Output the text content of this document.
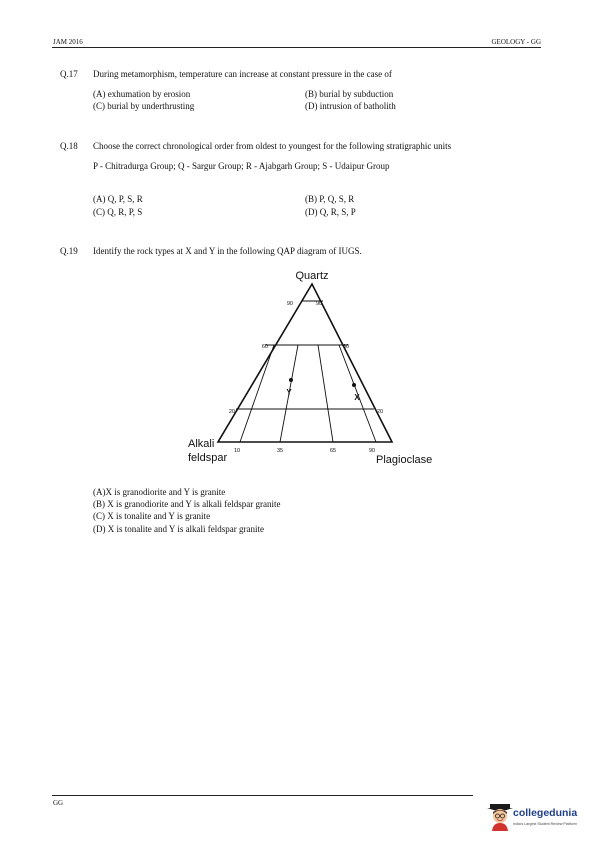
JAM 2016	GEOLOGY - GG
Q.17 During metamorphism, temperature can increase at constant pressure in the case of
(A) exhumation by erosion	(B) burial by subduction
(C) burial by underthrusting	(D) intrusion of batholith
Q.18 Choose the correct chronological order from oldest to youngest for the following stratigraphic units
P - Chitradurga Group; Q - Sargur Group; R - Ajabgarh Group; S - Udaipur Group
(A) Q, P, S, R	(B) P, Q, S, R
(C) Q, R, P, S	(D) Q, R, S, P
Q.19 Identify the rock types at X and Y in the following QAP diagram of IUGS.
Quartz
90	90
60	60
20	20
10	35	65	90
Y
X
Alkali
feldspar	Plagioclase
(A)X is granodiorite and Y is granite
(B) X is granodiorite and Y is alkali feldspar granite
(C) X is tonalite and Y is granite
(D) X is tonalite and Y is alkali feldspar granite
GG
collegedunia
India's Largest Student Review Platform
